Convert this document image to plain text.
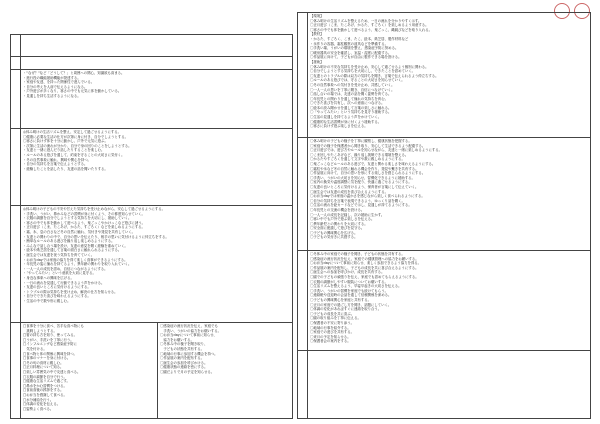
・"なぜ？"など「どうして？」と周囲への関心、知識欲も高まる。
・進行役の職能援助機能が発達する。
・家庭や友達、を持った関係性で遊んでいる。
・自分の考えを人前で伝えるようになる。
・戸外遊びが多くなり、寒さの中でも元気に体を動かしている。
・見通しを持ち生活するようになる。
◎休み明けの生活リズムを整え、安定して過ごせるようにする。
〇健康に必要な生活の仕方が次第に身に付き、自分でしようとする。
〇寒さに負けず体を十分に動かし、戸外で元気に遊ぶ。
・次第に生活の流れが分かり、自分で身の回りのことをしようとする。
・友達と一緒に遊んだり話したりすることを楽しむ。
・ルールのある遊びを通して、約束を守ることの大切さに気付く。
・冬の自然事象に触れ、興味や関心を持つ。
・自分の気持ちを言葉で伝えようとする。
・経験したことを話したり、友達の話を聞いたりする。
◎休み明けの子どもの不安や甘えた気持ちを受け止めながら、安心して過ごせるようにする。
・手洗い、うがい、鼻かみなどの習慣が身に付くよう、その都度知らせていく。
・衣服の調節を自分でしようとする気持ちを大切にし、援助していく。
・寒さの中でも体を動かして遊べるよう、鬼ごっこやかけっこなど遊びに誘う。
・正月遊び（こま、たこあげ、かるた、すごろく）などを楽しめるようにする。
・霜、氷、息の白さなど冬の自然に触れ、気付きや発見を共有していく。
・友達との関わりの中で、自分の思いを伝えたり、相手の思いに気付けるように仲立ちをする。
・簡単なルールのある遊びを繰り返し楽しめるようにする。
・みんなで話し合う場を設け、友達の意見を聞く経験を重ねていく。
・絵本や紙芝居を通して言葉の面白さに触れられるようにする。
・誕生会では友達を祝う気持ちを育てていく。
・お弁当dayでは家庭の協力を得て楽しく食事ができるようにする。
・年長児の姿に憧れを持てるよう、異年齢の関わりを取り入れていく。
・一人一人の成長を認め、自信につながるようにする。
・「やってみたい」という意欲を大切に見守る。
・身近な事象への興味を広げる。
・一日の流れを見通して行動できるよう声をかける。
・友達の良いところに気付けるようにする。
・トラブルの際は気持ちを受け止め、解決の仕方を知らせる。
・自分でできた喜びを味わえるようにする。
・生活の中で数や形に親しむ。
□食事を十分に食べ、苦手な食べ物にも
　挑戦しようとする。
□箸の持ち方を知り、使ってみる。
□うがい、手洗いを丁寧に行う。
□インフルエンザなど感染症予防に
　気を付ける。
□食べ物と体の関係に興味を持つ。
□食事のマナーを身に付ける。
□冬の旬の食材に親しむ。
□正月料理について知る。
□楽しい雰囲気の中で友達と食べる。
□衣服の調節を自分で行う。
□健康な生活リズムで過ごす。
□鼻水をかむ習慣をつける。
□食前食後の挨拶をする。
□お弁当を感謝して食べる。
□水分補給を行う。
□体調の変化を伝える。
□姿勢よく食べる。
〇感染症の流行状況を伝え、家庭でも
　手洗い、うがいの協力をお願いする。
〇お弁当dayについて事前に知らせ、
　協力をお願いする。
〇冬休み中の様子を聞き取り、
　子どもの状態を共有する。
〇地域の行事に参加する機会を持つ。
〇作品展の案内を配布する。
〇誕生会の参加を呼びかける。
〇健康状態の連絡を密にする。
〇園だよりで月の予定を知らせる。
【環境】
〇休み明けの生活リズムを整えるため、一日の流れを分かりやすく示す。
〇正月遊び（こま、たこあげ、かるた、すごろく）を楽しめるよう用意する。
〇寒さの中でも体を動かして遊べるよう、鬼ごっこ、縄跳びなどを取り入れる。
【教材】
・かるた、すごろく、こま、たこ、絵本、紙芝居、製作材料など
・氷作りの容器、霜柱観察の道具などを準備する。
〇手洗い場、うがいの環境を整え、感染症予防に努める。
〇暖房器具の安全を確認し、室温・湿度に配慮する。
〇作品展に向けて、子どもが自由に製作できる場を設ける。
【援助】
〇休み明けの不安な気持ちを受け止め、安心して過ごせるよう個別に関わる。
〇自分でしようとする気持ちを大切にし、できたことを認めていく。
〇友達とのトラブルの際は双方の気持ちを聞き、言葉で伝えられるよう仲立ちする。
〇ルールのある遊びでは、守ることの大切さを知らせていく。
〇冬の自然事象への気付きを受け止め、共感していく。
〇一人一人の思いを丁寧に聞き、自信につなげていく。
〇話し合いの場では、友達の話を聞く姿勢を育てる。
〇年長児との関わりを通して憧れの気持ちを育む。
〇できた喜びを共有し、次への意欲につなげる。
〇絵本の読み聞かせを通して言葉の楽しさに触れる。
〇「やってみたい」という気持ちを見守り援助する。
〇生活の見通しを持てるよう声をかけていく。
〇健康的な生活習慣が身に付くよう援助する。
〇寒さに負けず遊ぶ楽しさを伝える。
〇休み明けの子どもの様子を丁寧に観察し、健康状態を把握する。
〇家庭での様子を保護者から聞き取り、安心して生活できるよう配慮する。
〇正月遊びでは、遊び方やルールを知らせながら、友達と一緒に楽しめるようにする。
〇こま回しやたこあげなど、繰り返し挑戦できる環境を整える。
〇かるたやすごろくを通して文字や数に親しめるようにする。
〇鬼ごっこなどルールのある遊びで、友達と関わる楽しさを味わえるようにする。
〇霜柱や氷など冬の自然に触れる機会を作り、発見や驚きを共有する。
〇作品展に向けて、自分の思いを形にする楽しさを感じられるようにする。
〇手洗い、うがいの大切さを知らせ、習慣化できるように援助する。
〇室内の換気や温度調整に気を配り、快適に過ごせるようにする。
〇友達の良いところに気付けるよう、保育者が言葉にして伝えていく。
〇誕生会では友達の成長を喜び合えるようにする。
〇お弁当dayでは家庭の温かさを感じながら楽しく食べられるようにする。
〇自分の気持ちを言葉で表現できるよう、ゆっくり話を聞く。
〇生活の流れを絵カードなどで示し、見通しが持てるようにする。
〇年長児との交流の機会を設ける。
〇一人一人の成長を記録し、次の援助に生かす。
〇寒い中でも戸外で遊ぶ楽しさを伝える。
〇異年齢児との関わりを大切にする。
〇安全面に配慮して遊びを見守る。
〇子どもの興味関心を広げる。
〇子どもの気付きに共感する。
〇冬休み中の家庭での様子を聞き、子どもの状態を共有する。
〇感染症の流行状況を伝え、家庭での健康管理への協力をお願いする。
〇お弁当dayについて事前に知らせ、楽しく参加できるよう協力を得る。
〇作品展の案内を配布し、子どもの成長を共に喜び合えるようにする。
〇誕生会への参加を呼びかけ、成長を共有する。
〇園での子どもの頑張りを伝え、家庭でも認めてもらえるようにする。
〇衣服の調節がしやすい服装についてお願いする。
〇生活リズムを整えるよう、早寝早起きの大切さを伝える。
〇手洗い、うがいの習慣を家庭でも続けてもらう。
〇連絡帳や送迎時の会話を通して信頼関係を深める。
〇子どもの興味関心を家庭と共有する。
〇正月の家庭での過ごし方を聞き、話題にしていく。
〇体調の変化があればすぐに連絡を取り合う。
〇子どもの成長を共に喜ぶ。
〇園の取り組みを丁寧に伝える。
〇保護者の不安に寄り添う。
〇地域の行事を紹介する。
〇家庭での遊びを共有する。
〇来月の予定を知らせる。
〇保護者会の案内をする。
